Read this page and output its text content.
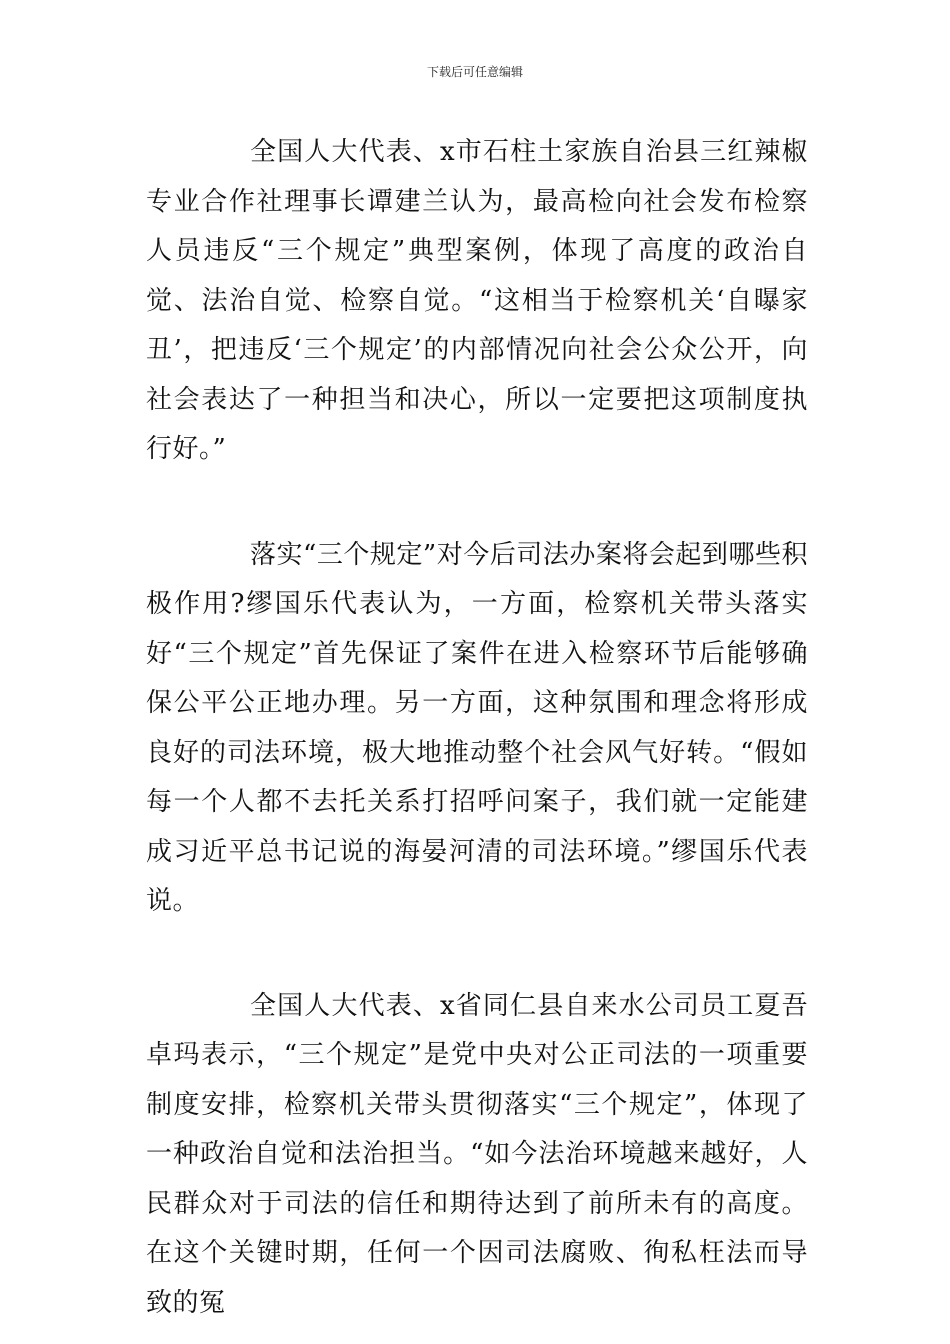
下载后可任意编辑

全国人大代表、x市石柱土家族自治县三红辣椒专业合作社理事长谭建兰认为，最高检向社会发布检察人员违反“三个规定”典型案例，体现了高度的政治自觉、法治自觉、检察自觉。“这相当于检察机关‘自曝家丑’，把违反‘三个规定’的内部情况向社会公众公开，向社会表达了一种担当和决心，所以一定要把这项制度执行好。”

落实“三个规定”对今后司法办案将会起到哪些积极作用?缪国乐代表认为，一方面，检察机关带头落实好“三个规定”首先保证了案件在进入检察环节后能够确保公平公正地办理。另一方面，这种氛围和理念将形成良好的司法环境，极大地推动整个社会风气好转。“假如每一个人都不去托关系打招呼问案子，我们就一定能建成习近平总书记说的海晏河清的司法环境。”缪国乐代表说。

全国人大代表、x省同仁县自来水公司员工夏吾卓玛表示，“三个规定”是党中央对公正司法的一项重要制度安排，检察机关带头贯彻落实“三个规定”，体现了一种政治自觉和法治担当。“如今法治环境越来越好，人民群众对于司法的信任和期待达到了前所未有的高度。在这个关键时期，任何一个因司法腐败、徇私枉法而导致的冤
